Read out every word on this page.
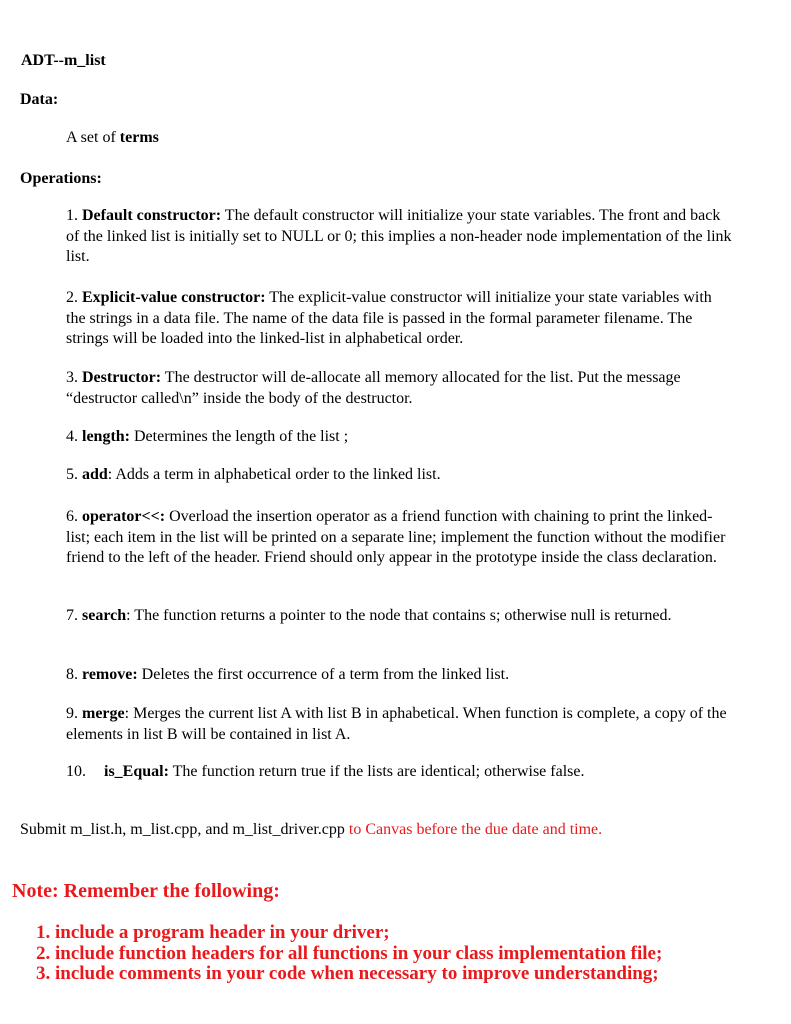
ADT--m_list
Data:
A set of terms
Operations:
1. Default constructor: The default constructor will initialize your state variables. The front and back of the linked list is initially set to NULL or 0; this implies a non-header node implementation of the link list.
2. Explicit-value constructor: The explicit-value constructor will initialize your state variables with the strings in a data file. The name of the data file is passed in the formal parameter filename. The strings will be loaded into the linked-list in alphabetical order.
3. Destructor: The destructor will de-allocate all memory allocated for the list. Put the message “destructor called\n” inside the body of the destructor.
4. length: Determines the length of the list ;
5. add: Adds a term in alphabetical order to the linked list.
6. operator<<: Overload the insertion operator as a friend function with chaining to print the linked-list; each item in the list will be printed on a separate line; implement the function without the modifier friend to the left of the header. Friend should only appear in the prototype inside the class declaration.
7. search: The function returns a pointer to the node that contains s; otherwise null is returned.
8. remove: Deletes the first occurrence of a term from the linked list.
9. merge: Merges the current list A with list B in aphabetical. When function is complete, a copy of the elements in list B will be contained in list A.
10. is_Equal: The function return true if the lists are identical; otherwise false.
Submit m_list.h, m_list.cpp, and m_list_driver.cpp to Canvas before the due date and time.
Note: Remember the following:
1. include a program header in your driver;
2. include function headers for all functions in your class implementation file;
3. include comments in your code when necessary to improve understanding;
